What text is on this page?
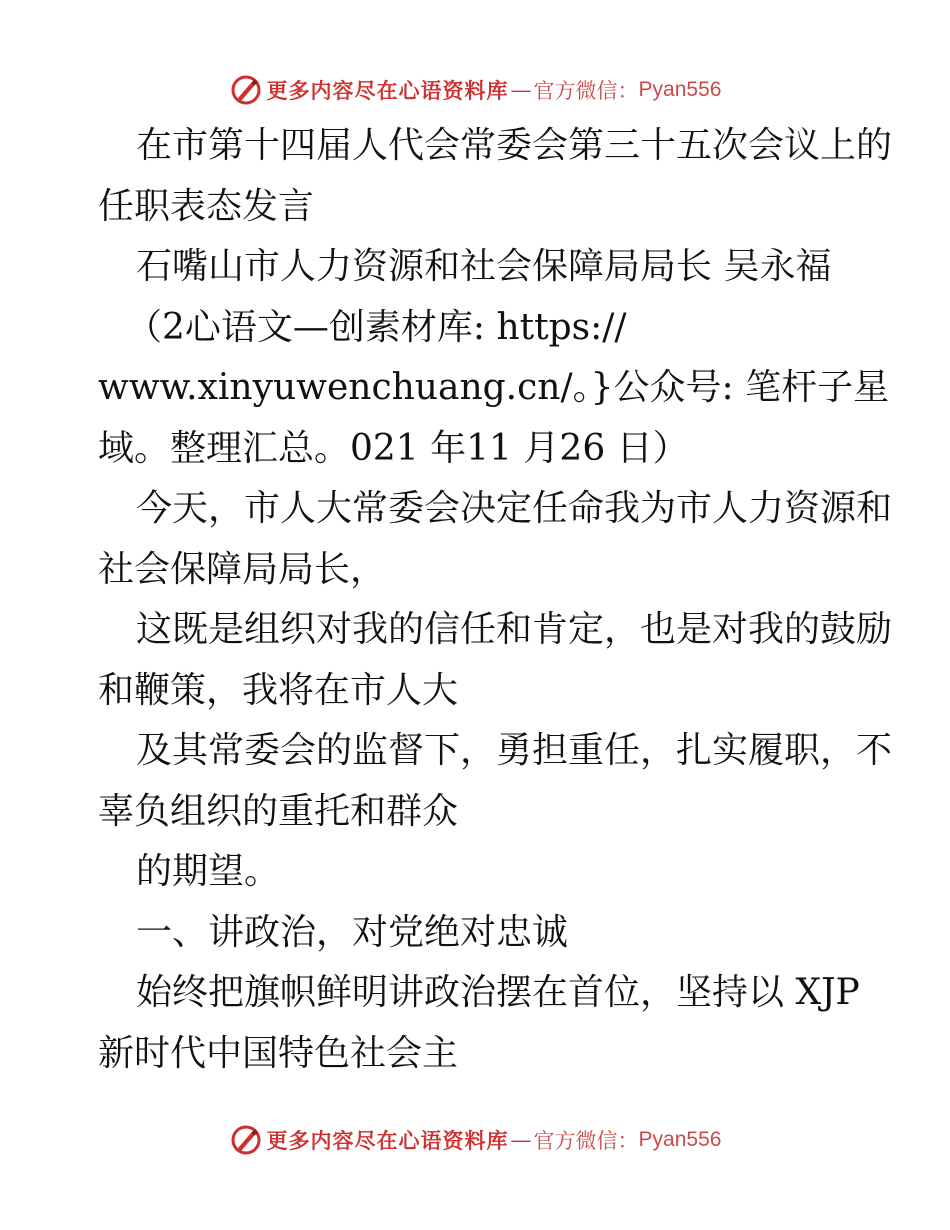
更多内容尽在心语资料库 — 官方微信： Pyan556
在市第十四届人代会常委会第三十五次会议上的
任职表态发言
石嘴山市人力资源和社会保障局局长 吴永福
（2心语文—创素材库: https://
www.xinyuwenchuang.cn/。}公众号: 笔杆子星
域。整理汇总。021 年11 月26 日）
今天，市人大常委会决定任命我为市人力资源和
社会保障局局长，
这既是组织对我的信任和肯定，也是对我的鼓励
和鞭策，我将在市人大
及其常委会的监督下，勇担重任，扎实履职，不
辜负组织的重托和群众
的期望。
一、讲政治，对党绝对忠诚
始终把旗帜鲜明讲政治摆在首位，坚持以 XJP
新时代中国特色社会主
更多内容尽在心语资料库 — 官方微信： Pyan556
